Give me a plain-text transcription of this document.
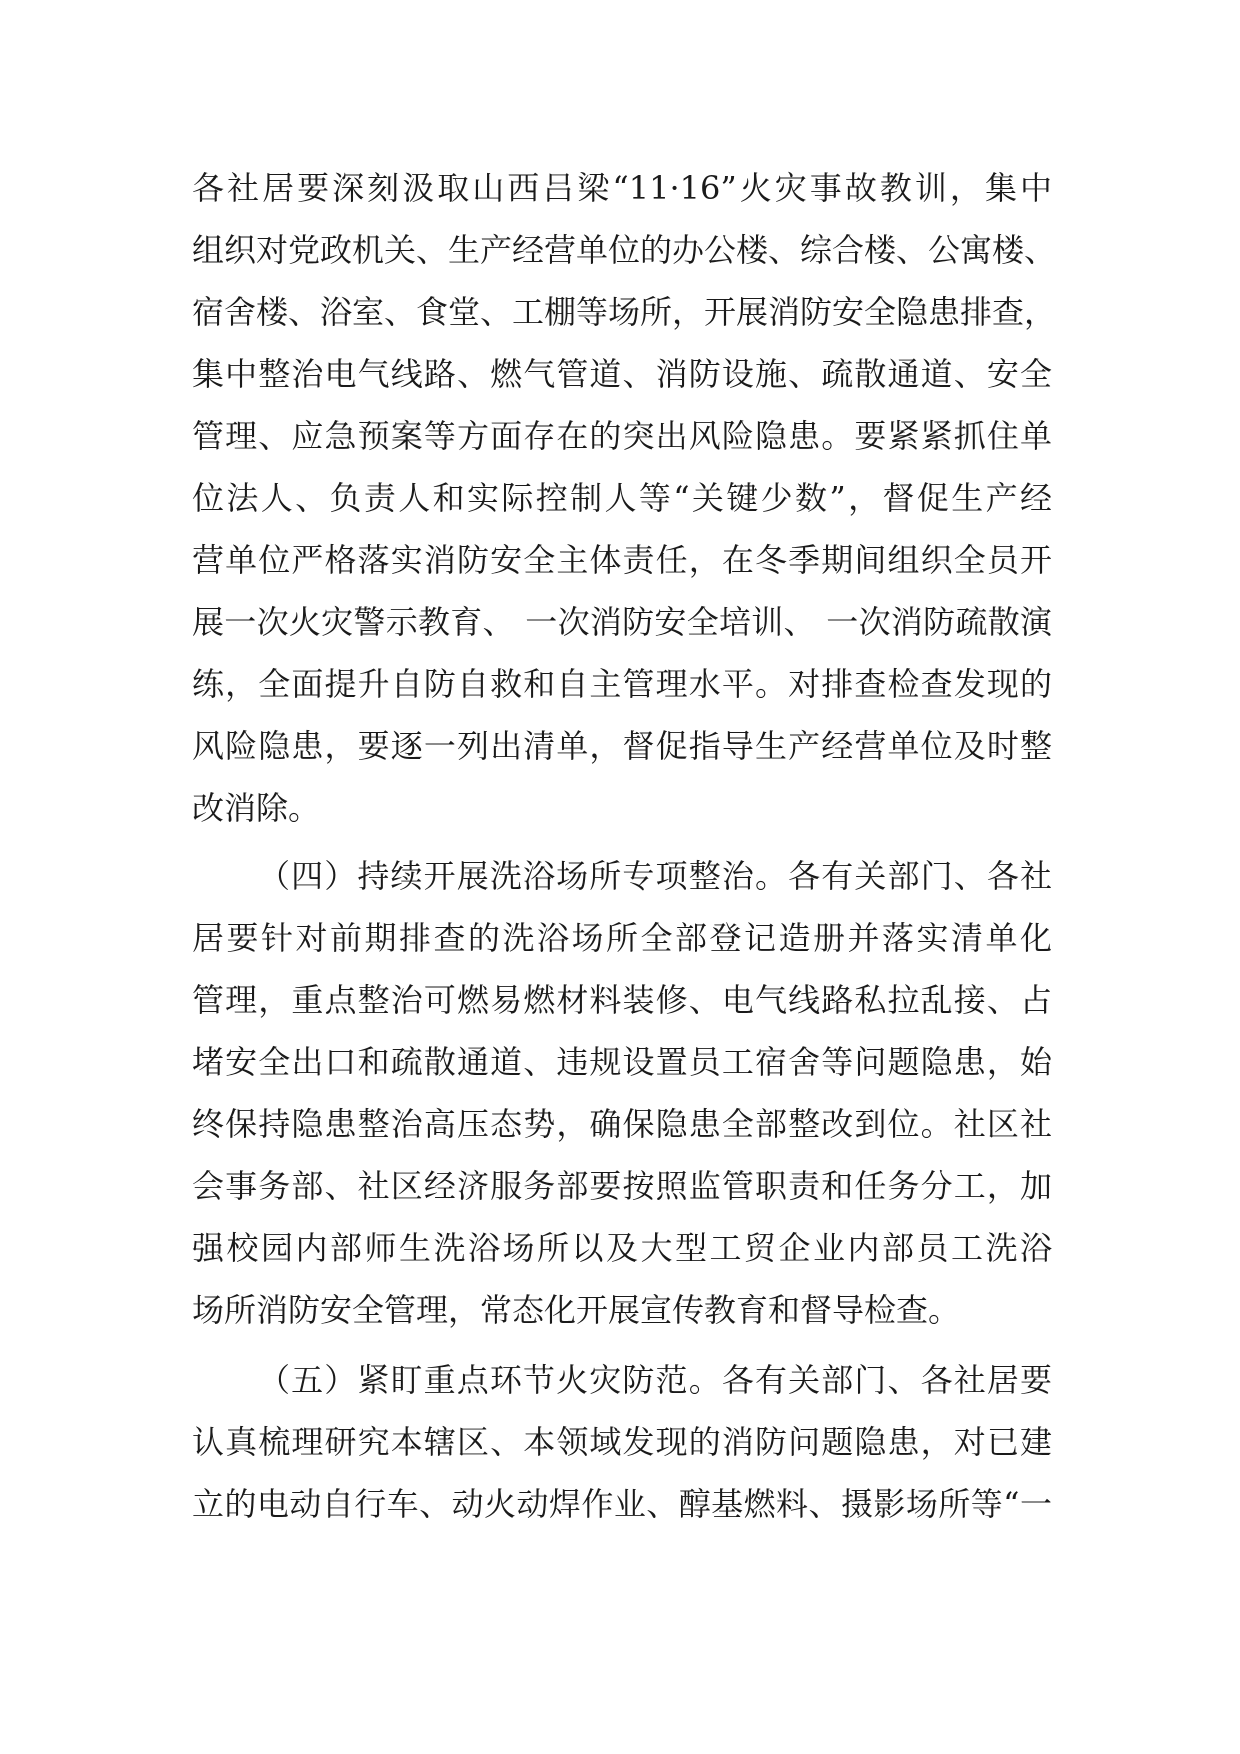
各社居要深刻汲取山西吕梁“11·16”火灾事故教训，集中
组织对党政机关、生产经营单位的办公楼、综合楼、公寓楼、
宿舍楼、浴室、食堂、工棚等场所，开展消防安全隐患排查，
集中整治电气线路、燃气管道、消防设施、疏散通道、安全
管理、应急预案等方面存在的突出风险隐患。要紧紧抓住单
位法人、负责人和实际控制人等“关键少数”，督促生产经
营单位严格落实消防安全主体责任，在冬季期间组织全员开
展一次火灾警示教育、 一次消防安全培训、 一次消防疏散演
练，全面提升自防自救和自主管理水平。对排查检查发现的
风险隐患，要逐一列出清单，督促指导生产经营单位及时整
改消除。
（四）持续开展洗浴场所专项整治。各有关部门、各社
居要针对前期排查的洗浴场所全部登记造册并落实清单化
管理，重点整治可燃易燃材料装修、电气线路私拉乱接、占
堵安全出口和疏散通道、违规设置员工宿舍等问题隐患，始
终保持隐患整治高压态势，确保隐患全部整改到位。社区社
会事务部、社区经济服务部要按照监管职责和任务分工，加
强校园内部师生洗浴场所以及大型工贸企业内部员工洗浴
场所消防安全管理，常态化开展宣传教育和督导检查。
（五）紧盯重点环节火灾防范。各有关部门、各社居要
认真梳理研究本辖区、本领域发现的消防问题隐患，对已建
立的电动自行车、动火动焊作业、醇基燃料、摄影场所等“一
